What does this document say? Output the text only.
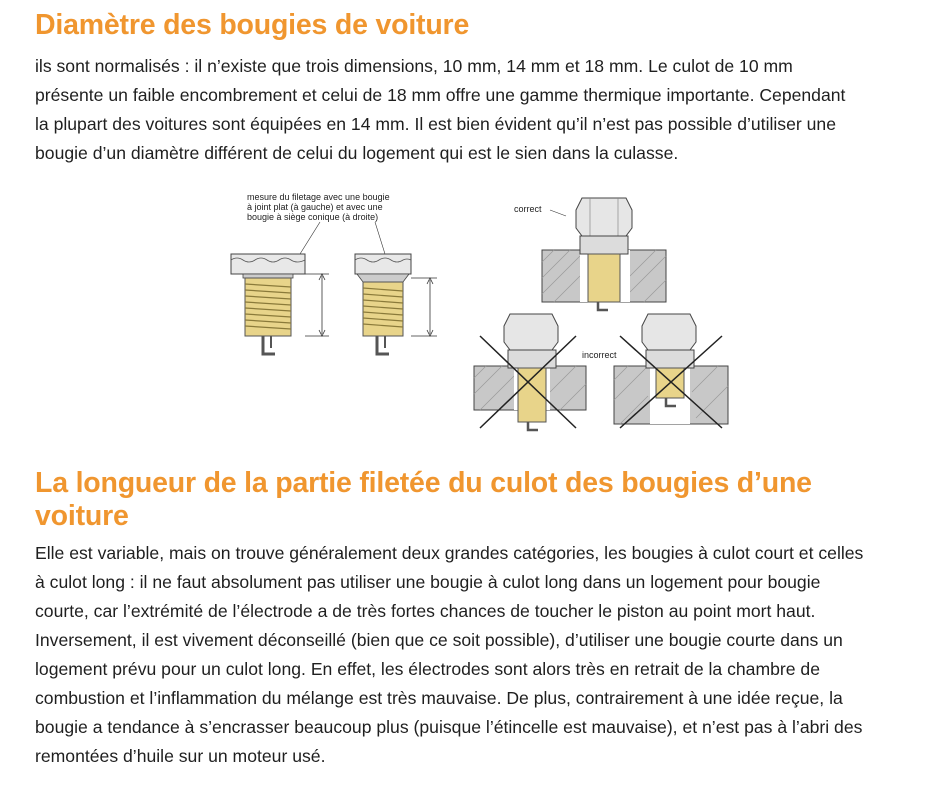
Diamètre des bougies de voiture

ils sont normalisés : il n’existe que trois dimensions, 10 mm, 14 mm et 18 mm. Le culot de 10 mm
présente un faible encombrement et celui de 18 mm offre une gamme thermique importante. Cependant
la plupart des voitures sont équipées en 14 mm. Il est bien évident qu’il n’est pas possible d’utiliser une
bougie d’un diamètre différent de celui du logement qui est le sien dans la culasse.

mesure du filetage avec une bougie
à joint plat (à gauche) et avec une
bougie à siège conique (à droite)
correct
incorrect
La longueur de la partie filetée du culot des bougies d’une
voiture

Elle est variable, mais on trouve généralement deux grandes catégories, les bougies à culot court et celles
à culot long : il ne faut absolument pas utiliser une bougie à culot long dans un logement pour bougie
courte, car l’extrémité de l’électrode a de très fortes chances de toucher le piston au point mort haut.
Inversement, il est vivement déconseillé (bien que ce soit possible), d’utiliser une bougie courte dans un
logement prévu pour un culot long. En effet, les électrodes sont alors très en retrait de la chambre de
combustion et l’inflammation du mélange est très mauvaise. De plus, contrairement à une idée reçue, la
bougie a tendance à s’encrasser beaucoup plus (puisque l’étincelle est mauvaise), et n’est pas à l’abri des
remontées d’huile sur un moteur usé.
